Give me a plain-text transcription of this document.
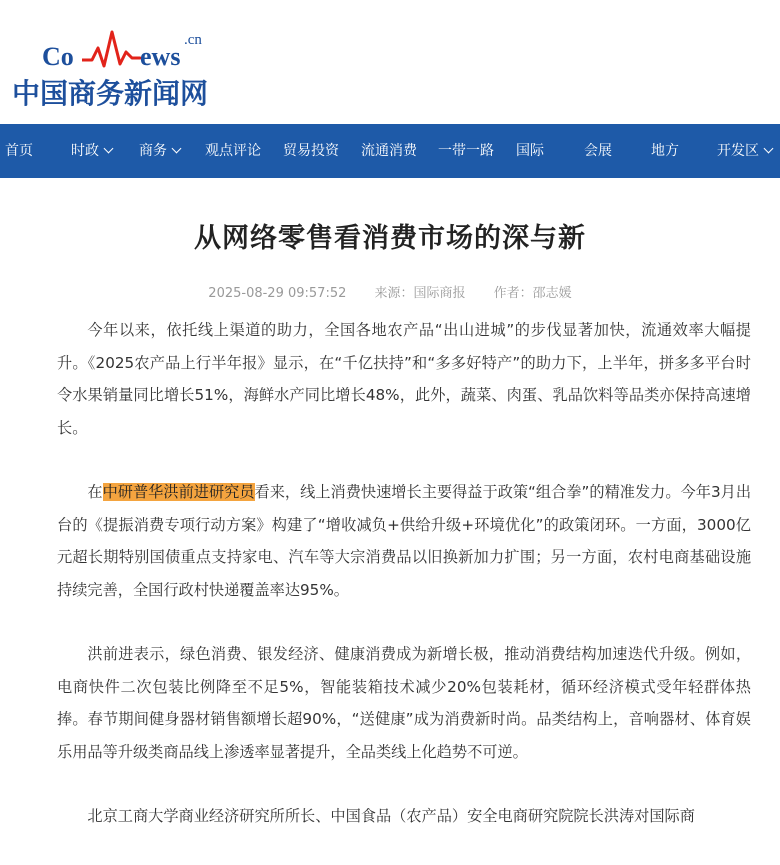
Co	ews
.cn
中国商务新闻网
首页	时政	商务	观点评论 贸易投资 流通消费 一带一路 国际	会展	地方	开发区
从网络零售看消费市场的深与新
2025-08-29 09:57:52 来源：国际商报 作者：邵志媛

今年以来，依托线上渠道的助力，全国各地农产品“出山进城”的步伐显著加快，流通效率大幅提升。《2025农产品上行半年报》显示，在“千亿扶持”和“多多好特产”的助力下，上半年，拼多多平台时令水果销量同比增长51%，海鲜水产同比增长48%，此外，蔬菜、肉蛋、乳品饮料等品类亦保持高速增长。

在中研普华洪前进研究员看来，线上消费快速增长主要得益于政策“组合拳”的精准发力。今年3月出台的《提振消费专项行动方案》构建了“增收减负+供给升级+环境优化”的政策闭环。一方面，3000亿元超长期特别国债重点支持家电、汽车等大宗消费品以旧换新加力扩围；另一方面，农村电商基础设施持续完善，全国行政村快递覆盖率达95%。

洪前进表示，绿色消费、银发经济、健康消费成为新增长极，推动消费结构加速迭代升级。例如，电商快件二次包装比例降至不足5%，智能装箱技术减少20%包装耗材，循环经济模式受年轻群体热捧。春节期间健身器材销售额增长超90%，“送健康”成为消费新时尚。品类结构上，音响器材、体育娱乐用品等升级类商品线上渗透率显著提升，全品类线上化趋势不可逆。

北京工商大学商业经济研究所所长、中国食品（农产品）安全电商研究院院长洪涛对国际商
